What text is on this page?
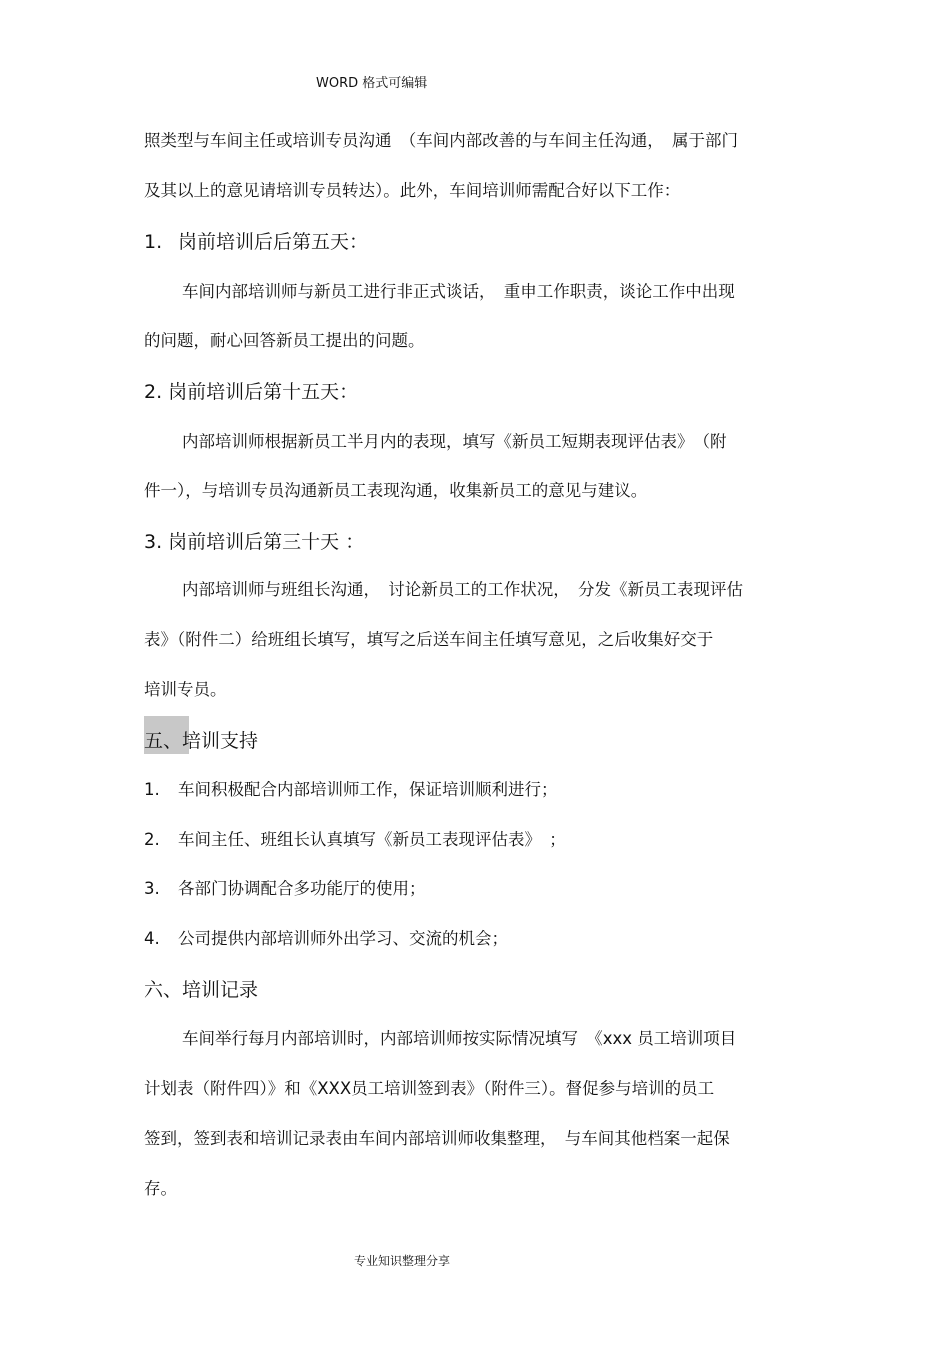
WORD 格式可编辑
照类型与车间主任或培训专员沟通　（车间内部改善的与车间主任沟通，　属于部门
及其以上的意见请培训专员转达）。此外，车间培训师需配合好以下工作：
1. 岗前培训后后第五天：
车间内部培训师与新员工进行非正式谈话，　重申工作职责，谈论工作中出现
的问题，耐心回答新员工提出的问题。
2. 岗前培训后第十五天：
内部培训师根据新员工半月内的表现，填写《新员工短期表现评估表》　（附
件一），与培训专员沟通新员工表现沟通，收集新员工的意见与建议。
3. 岗前培训后第三十天 ：
内部培训师与班组长沟通，　讨论新员工的工作状况，　分发《新员工表现评估
表》（附件二）给班组长填写，填写之后送车间主任填写意见，之后收集好交于
培训专员。
五、培训支持
1. 车间积极配合内部培训师工作，保证培训顺利进行；
2. 车间主任、班组长认真填写《新员工表现评估表》　；
3. 各部门协调配合多功能厅的使用；
4. 公司提供内部培训师外出学习、交流的机会；
六、培训记录
车间举行每月内部培训时，内部培训师按实际情况填写　《xxx 员工培训项目
计划表（附件四）》和《XXX员工培训签到表》（附件三）。督促参与培训的员工
签到，签到表和培训记录表由车间内部培训师收集整理，　与车间其他档案一起保
存。
专业知识整理分享
